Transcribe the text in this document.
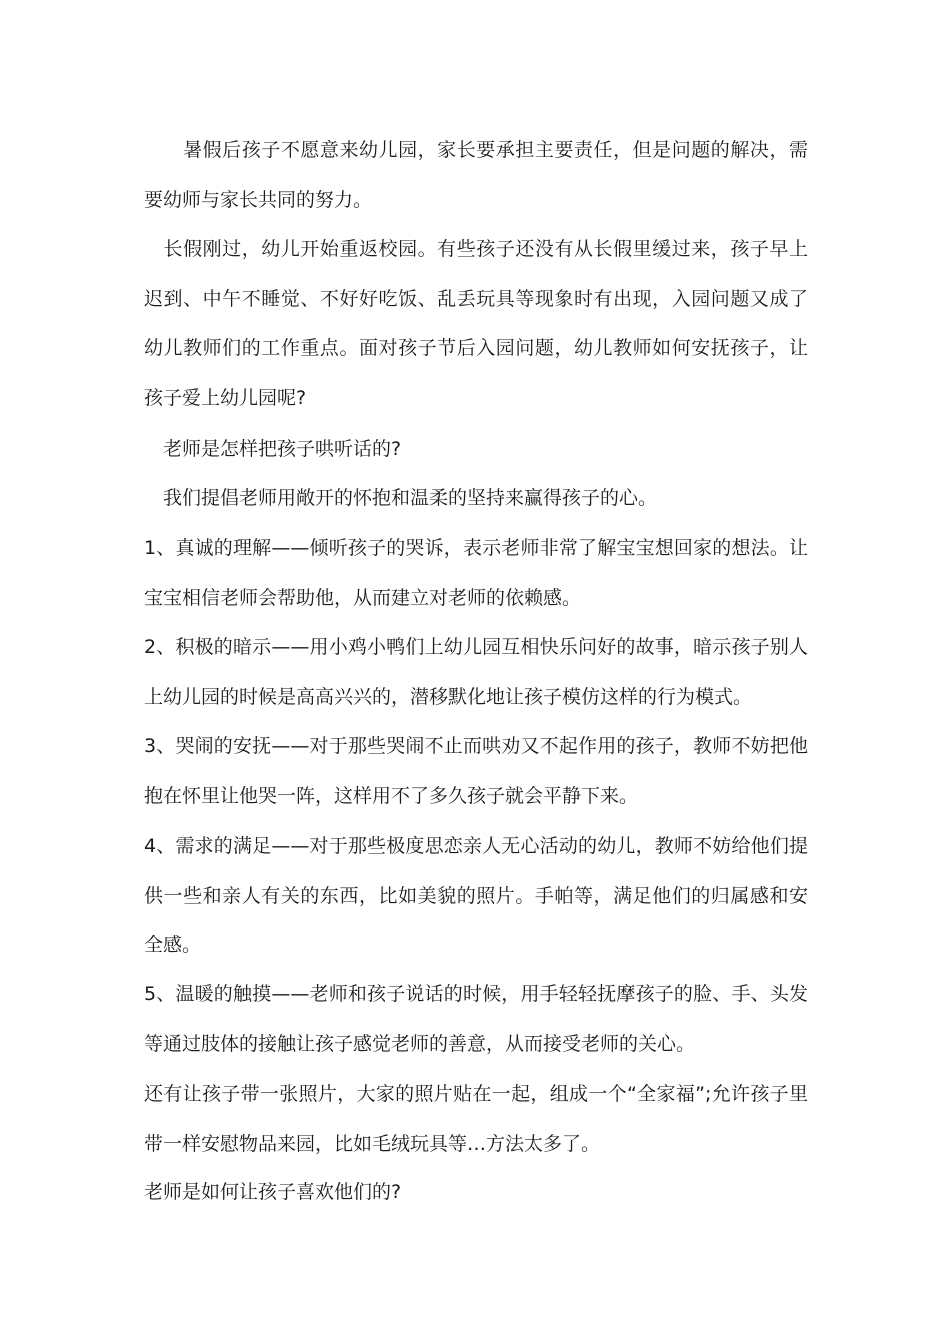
　　暑假后孩子不愿意来幼儿园，家长要承担主要责任，但是问题的解决，需要幼师与家长共同的努力。

　长假刚过，幼儿开始重返校园。有些孩子还没有从长假里缓过来，孩子早上迟到、中午不睡觉、不好好吃饭、乱丢玩具等现象时有出现，入园问题又成了幼儿教师们的工作重点。面对孩子节后入园问题，幼儿教师如何安抚孩子，让孩子爱上幼儿园呢?

　老师是怎样把孩子哄听话的?

　我们提倡老师用敞开的怀抱和温柔的坚持来赢得孩子的心。

1、真诚的理解——倾听孩子的哭诉，表示老师非常了解宝宝想回家的想法。让宝宝相信老师会帮助他，从而建立对老师的依赖感。

2、积极的暗示——用小鸡小鸭们上幼儿园互相快乐问好的故事，暗示孩子别人上幼儿园的时候是高高兴兴的，潜移默化地让孩子模仿这样的行为模式。

3、哭闹的安抚——对于那些哭闹不止而哄劝又不起作用的孩子，教师不妨把他抱在怀里让他哭一阵，这样用不了多久孩子就会平静下来。

4、需求的满足——对于那些极度思恋亲人无心活动的幼儿，教师不妨给他们提供一些和亲人有关的东西，比如美貌的照片。手帕等，满足他们的归属感和安全感。

5、温暖的触摸——老师和孩子说话的时候，用手轻轻抚摩孩子的脸、手、头发等通过肢体的接触让孩子感觉老师的善意，从而接受老师的关心。

还有让孩子带一张照片，大家的照片贴在一起，组成一个“全家福”;允许孩子里带一样安慰物品来园，比如毛绒玩具等…方法太多了。

老师是如何让孩子喜欢他们的?
